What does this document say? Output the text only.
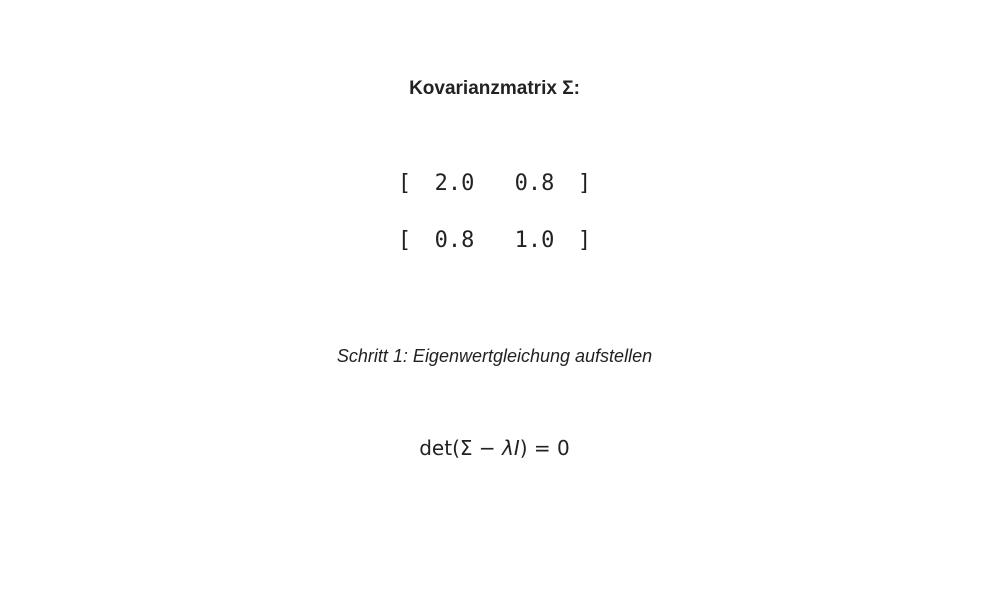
Kovarianzmatrix Σ:
[ 2.0 0.8 ]
[ 0.8 1.0 ]
Schritt 1: Eigenwertgleichung aufstellen
det(Σ − λI) = 0
